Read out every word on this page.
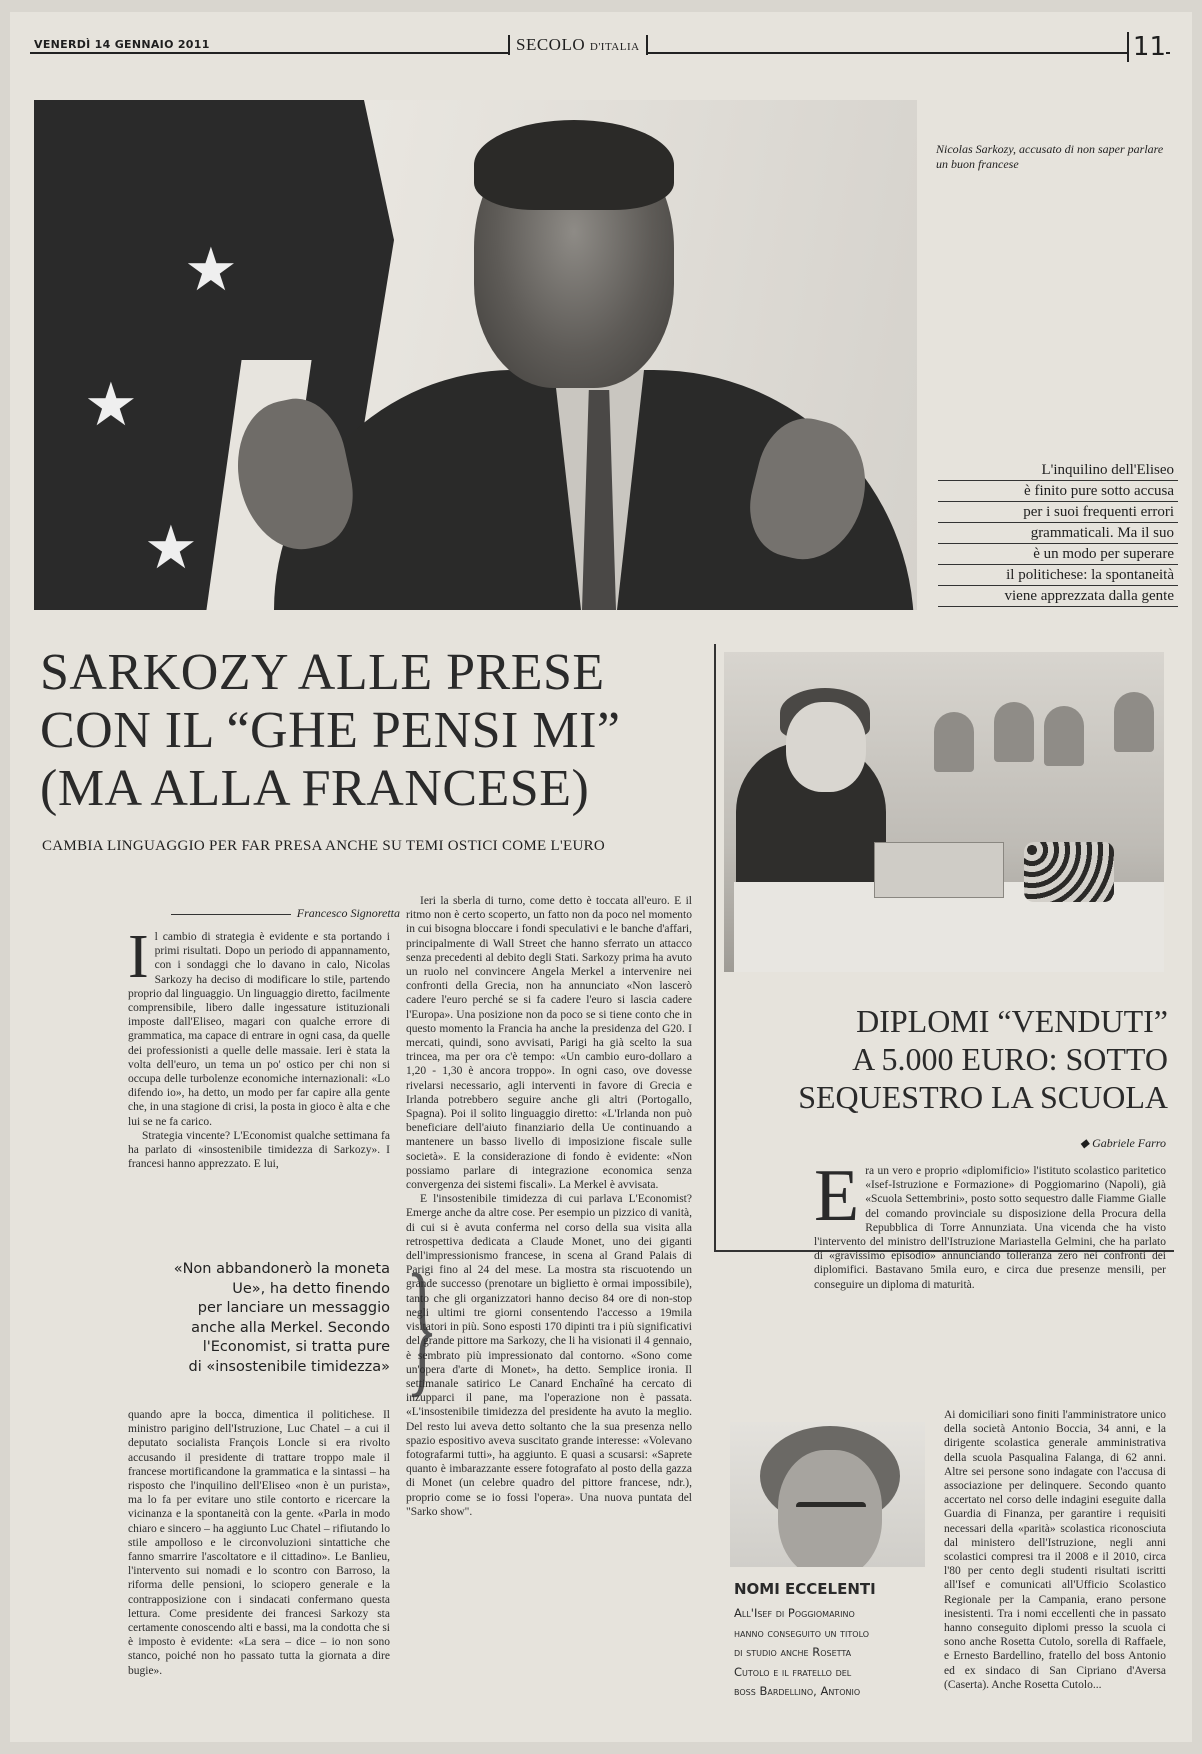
VENERDÌ 14 GENNAIO 2011	SECOLO D'ITALIA	11
★
★
★
Nicolas Sarkozy, accusato di non saper parlare un buon francese
L'inquilino dell'Eliseo
è finito pure sotto accusa
per i suoi frequenti errori
grammaticali. Ma il suo
è un modo per superare
il politichese: la spontaneità
viene apprezzata dalla gente
SARKOZY ALLE PRESE
CON IL “GHE PENSI MI”
(MA ALLA FRANCESE)
CAMBIA LINGUAGGIO PER FAR PRESA ANCHE SU TEMI OSTICI COME L'EURO
Francesco Signoretta
I l cambio di strategia è evidente e sta portando i primi risultati. Dopo un periodo di appannamento, con i sondaggi che lo davano in calo, Nicolas Sarkozy ha deciso di modificare lo stile, partendo proprio dal linguaggio. Un linguaggio diretto, facilmente comprensibile, libero dalle ingessature istituzionali imposte dall'Eliseo, magari con qualche errore di grammatica, ma capace di entrare in ogni casa, da quelle dei professionisti a quelle delle massaie. Ieri è stata la volta dell'euro, un tema un po' ostico per chi non si occupa delle turbolenze economiche internazionali: «Lo difendo io», ha detto, un modo per far capire alla gente che, in una stagione di crisi, la posta in gioco è alta e che lui se ne fa carico.

Strategia vincente? L'Economist qualche settimana fa ha parlato di «insostenibile timidezza di Sarkozy». I francesi hanno apprezzato. E lui,

«Non abbandonerò la moneta
Ue», ha detto finendo
per lanciare un messaggio
anche alla Merkel. Secondo
l'Economist, si tratta pure
di «insostenibile timidezza» }

quando apre la bocca, dimentica il politichese. Il ministro parigino dell'Istruzione, Luc Chatel – a cui il deputato socialista François Loncle si era rivolto accusando il presidente di trattare troppo male il francese mortificandone la grammatica e la sintassi – ha risposto che l'inquilino dell'Eliseo «non è un purista», ma lo fa per evitare uno stile contorto e ricercare la vicinanza e la spontaneità con la gente. «Parla in modo chiaro e sincero – ha aggiunto Luc Chatel – rifiutando lo stile ampolloso e le circonvoluzioni sintattiche che fanno smarrire l'ascoltatore e il cittadino». Le Banlieu, l'intervento sui nomadi e lo scontro con Barroso, la riforma delle pensioni, lo sciopero generale e la contrapposizione con i sindacati confermano questa lettura. Come presidente dei francesi Sarkozy sta certamente conoscendo alti e bassi, ma la condotta che si è imposto è evidente: «La sera – dice – io non sono stanco, poiché non ho passato tutta la giornata a dire bugie».

Ieri la sberla di turno, come detto è toccata all'euro. E il ritmo non è certo scoperto, un fatto non da poco nel momento in cui bisogna bloccare i fondi speculativi e le banche d'affari, principalmente di Wall Street che hanno sferrato un attacco senza precedenti al debito degli Stati. Sarkozy prima ha avuto un ruolo nel convincere Angela Merkel a intervenire nei confronti della Grecia, non ha annunciato «Non lascerò cadere l'euro perché se si fa cadere l'euro si lascia cadere l'Europa». Una posizione non da poco se si tiene conto che in questo momento la Francia ha anche la presidenza del G20. I mercati, quindi, sono avvisati, Parigi ha già scelto la sua trincea, ma per ora c'è tempo: «Un cambio euro-dollaro a 1,20 - 1,30 è ancora troppo». In ogni caso, ove dovesse rivelarsi necessario, agli interventi in favore di Grecia e Irlanda potrebbero seguire anche gli altri (Portogallo, Spagna). Poi il solito linguaggio diretto: «L'Irlanda non può beneficiare dell'aiuto finanziario della Ue continuando a mantenere un basso livello di imposizione fiscale sulle società». E la considerazione di fondo è evidente: «Non possiamo parlare di integrazione economica senza convergenza dei sistemi fiscali». La Merkel è avvisata.

E l'insostenibile timidezza di cui parlava L'Economist? Emerge anche da altre cose. Per esempio un pizzico di vanità, di cui si è avuta conferma nel corso della sua visita alla retrospettiva dedicata a Claude Monet, uno dei giganti dell'impressionismo francese, in scena al Grand Palais di Parigi fino al 24 del mese. La mostra sta riscuotendo un grande successo (prenotare un biglietto è ormai impossibile), tanto che gli organizzatori hanno deciso 84 ore di non-stop negli ultimi tre giorni consentendo l'accesso a 19mila visitatori in più. Sono esposti 170 dipinti tra i più significativi del grande pittore ma Sarkozy, che li ha visionati il 4 gennaio, è sembrato più impressionato dal contorno. «Sono come un'opera d'arte di Monet», ha detto. Semplice ironia. Il settimanale satirico Le Canard Enchaîné ha cercato di inzupparci il pane, ma l'operazione non è passata. «L'insostenibile timidezza del presidente ha avuto la meglio. Del resto lui aveva detto soltanto che la sua presenza nello spazio espositivo aveva suscitato grande interesse: «Volevano fotografarmi tutti», ha aggiunto. E quasi a scusarsi: «Saprete quanto è imbarazzante essere fotografato al posto della gazza di Monet (un celebre quadro del pittore francese, ndr.), proprio come se io fossi l'opera». Una nuova puntata del "Sarko show".

DIPLOMI “VENDUTI”
A 5.000 EURO: SOTTO
SEQUESTRO LA SCUOLA
◆ Gabriele Farro
E ra un vero e proprio «diplomificio» l'istituto scolastico paritetico «Isef-Istruzione e Formazione» di Poggiomarino (Napoli), già «Scuola Settembrini», posto sotto sequestro dalle Fiamme Gialle del comando provinciale su disposizione della Procura della Repubblica di Torre Annunziata. Una vicenda che ha visto l'intervento del ministro dell'Istruzione Mariastella Gelmini, che ha parlato di «gravissimo episodio» annunciando tolleranza zero nei confronti dei diplomifici. Bastavano 5mila euro, e circa due presenze mensili, per conseguire un diploma di maturità.

Ai domiciliari sono finiti l'amministratore unico della società Antonio Boccia, 34 anni, e la dirigente scolastica generale amministrativa della scuola Pasqualina Falanga, di 62 anni. Altre sei persone sono indagate con l'accusa di associazione per delinquere. Secondo quanto accertato nel corso delle indagini eseguite dalla Guardia di Finanza, per garantire i requisiti necessari della «parità» scolastica riconosciuta dal ministero dell'Istruzione, negli anni scolastici compresi tra il 2008 e il 2010, circa l'80 per cento degli studenti risultati iscritti all'Isef e comunicati all'Ufficio Scolastico Regionale per la Campania, erano persone inesistenti. Tra i nomi eccellenti che in passato hanno conseguito diplomi presso la scuola ci sono anche Rosetta Cutolo, sorella di Raffaele, e Ernesto Bardellino, fratello del boss Antonio ed ex sindaco di San Cipriano d'Aversa (Caserta). Anche Rosetta Cutolo...

NOMI ECCELENTI
All'Isef di Poggiomarino
hanno conseguito un titolo
di studio anche Rosetta
Cutolo e il fratello del
boss Bardellino, Antonio
